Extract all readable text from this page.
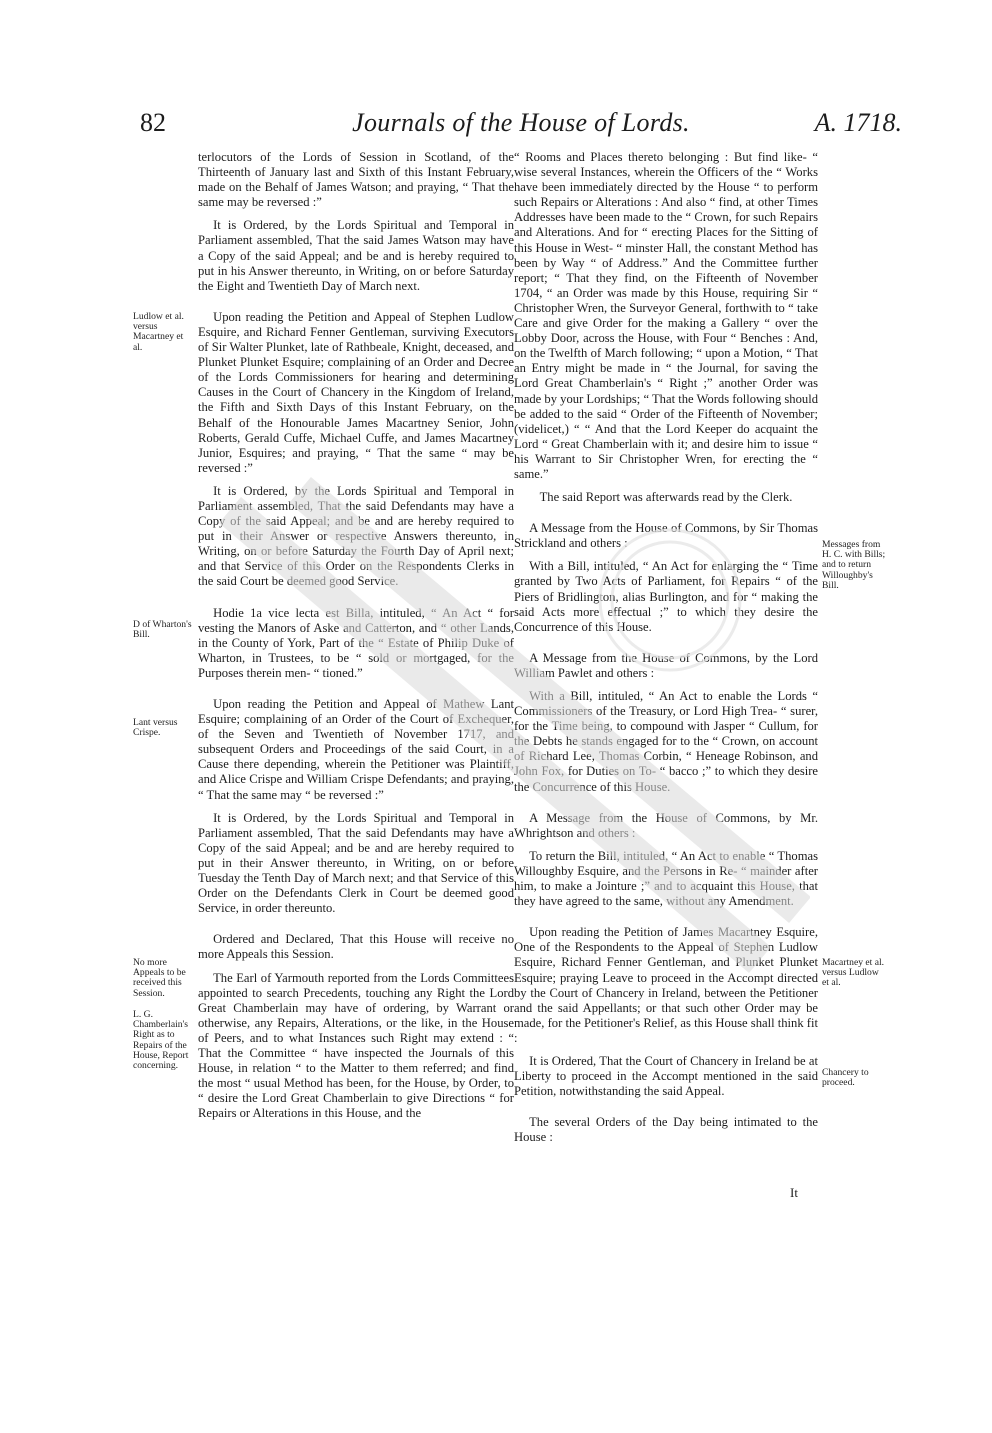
82	Journals of the House of Lords.	A. 1718.

terlocutors of the Lords of Session in Scotland, of the Thirteenth of January last and Sixth of this Instant February, made on the Behalf of James Watson; and praying, “ That the same may be reversed :”

It is Ordered, by the Lords Spiritual and Temporal in Parliament assembled, That the said James Watson may have a Copy of the said Appeal; and be and is hereby required to put in his Answer thereunto, in Writing, on or before Saturday the Eight and Twentieth Day of March next.

Upon reading the Petition and Appeal of Stephen Ludlow Esquire, and Richard Fenner Gentleman, surviving Executors of Sir Walter Plunket, late of Rathbeale, Knight, deceased, and Plunket Plunket Esquire; complaining of an Order and Decree of the Lords Commissioners for hearing and determining Causes in the Court of Chancery in the Kingdom of Ireland, the Fifth and Sixth Days of this Instant February, on the Behalf of the Honourable James Macartney Senior, John Roberts, Gerald Cuffe, Michael Cuffe, and James Macartney Junior, Esquires; and praying, “ That the same “ may be reversed :”

It is Ordered, by the Lords Spiritual and Temporal in Parliament assembled, That the said Defendants may have a Copy of the said Appeal; and be and are hereby required to put in their Answer or respective Answers thereunto, in Writing, on or before Saturday the Fourth Day of April next; and that Service of this Order on the Respondents Clerks in the said Court be deemed good Service.

Hodie 1a vice lecta est Billa, intituled, “ An Act “ for vesting the Manors of Aske and Catterton, and “ other Lands, in the County of York, Part of the “ Estate of Philip Duke of Wharton, in Trustees, to be “ sold or mortgaged, for the Purposes therein men- “ tioned.”

Upon reading the Petition and Appeal of Mathew Lant Esquire; complaining of an Order of the Court of Exchequer, of the Seven and Twentieth of November 1717, and subsequent Orders and Proceedings of the said Court, in a Cause there depending, wherein the Petitioner was Plaintiff, and Alice Crispe and William Crispe Defendants; and praying, “ That the same may “ be reversed :”

It is Ordered, by the Lords Spiritual and Temporal in Parliament assembled, That the said Defendants may have a Copy of the said Appeal; and be and are hereby required to put in their Answer thereunto, in Writing, on or before Tuesday the Tenth Day of March next; and that Service of this Order on the Defendants Clerk in Court be deemed good Service, in order thereunto.

Ordered and Declared, That this House will receive no more Appeals this Session.

The Earl of Yarmouth reported from the Lords Committees appointed to search Precedents, touching any Right the Lord Great Chamberlain may have of ordering, by Warrant or otherwise, any Repairs, Alterations, or the like, in the House of Peers, and to what Instances such Right may extend : “ That the Committee “ have inspected the Journals of this House, in relation “ to the Matter to them referred; and find the most “ usual Method has been, for the House, by Order, to “ desire the Lord Great Chamberlain to give Directions “ for Repairs or Alterations in this House, and the

“ Rooms and Places thereto belonging : But find like- “ wise several Instances, wherein the Officers of the “ Works have been immediately directed by the House “ to perform such Repairs or Alterations : And also “ find, at other Times Addresses have been made to the “ Crown, for such Repairs and Alterations. And for “ erecting Places for the Sitting of this House in West- “ minster Hall, the constant Method has been by Way “ of Address.” And the Committee further report; “ That they find, on the Fifteenth of November 1704, “ an Order was made by this House, requiring Sir “ Christopher Wren, the Surveyor General, forthwith to “ take Care and give Order for the making a Gallery “ over the Lobby Door, across the House, with Four “ Benches : And, on the Twelfth of March following; “ upon a Motion, “ That an Entry might be made in “ the Journal, for saving the Lord Great Chamberlain's “ Right ;” another Order was made by your Lordships; “ That the Words following should be added to the said “ Order of the Fifteenth of November; (videlicet,) “ “ And that the Lord Keeper do acquaint the Lord “ Great Chamberlain with it; and desire him to issue “ his Warrant to Sir Christopher Wren, for erecting the “ same.”

The said Report was afterwards read by the Clerk.

A Message from the House of Commons, by Sir Thomas Strickland and others :

With a Bill, intituled, “ An Act for enlarging the “ Time granted by Two Acts of Parliament, for Repairs “ of the Piers of Bridlington, alias Burlington, and for “ making the said Acts more effectual ;” to which they desire the Concurrence of this House.

A Message from the House of Commons, by the Lord William Pawlet and others :

With a Bill, intituled, “ An Act to enable the Lords “ Commissioners of the Treasury, or Lord High Trea- “ surer, for the Time being, to compound with Jasper “ Cullum, for the Debts he stands engaged for to the “ Crown, on account of Richard Lee, Thomas Corbin, “ Heneage Robinson, and John Fox, for Duties on To- “ bacco ;” to which they desire the Concurrence of this House.

A Message from the House of Commons, by Mr. Whrightson and others :

To return the Bill, intituled, “ An Act to enable “ Thomas Willoughby Esquire, and the Persons in Re- “ mainder after him, to make a Jointure ;” and to acquaint this House, that they have agreed to the same, without any Amendment.

Upon reading the Petition of James Macartney Esquire, One of the Respondents to the Appeal of Stephen Ludlow Esquire, Richard Fenner Gentleman, and Plunket Plunket Esquire; praying Leave to proceed in the Accompt directed by the Court of Chancery in Ireland, between the Petitioner and the said Appellants; or that such other Order may be made, for the Petitioner's Relief, as this House shall think fit :

It is Ordered, That the Court of Chancery in Ireland be at Liberty to proceed in the Accompt mentioned in the said Petition, notwithstanding the said Appeal.

The several Orders of the Day being intimated to the House :

Ludlow et al. versus Macartney et al.
D of Wharton's Bill.
Lant versus Crispe.
No more Appeals to be received this Session.
L. G. Chamberlain's Right as to Repairs of the House, Report concerning.
Messages from H. C. with Bills; and to return Willoughby's Bill.
Macartney et al. versus Ludlow et al.
Chancery to proceed.
It
